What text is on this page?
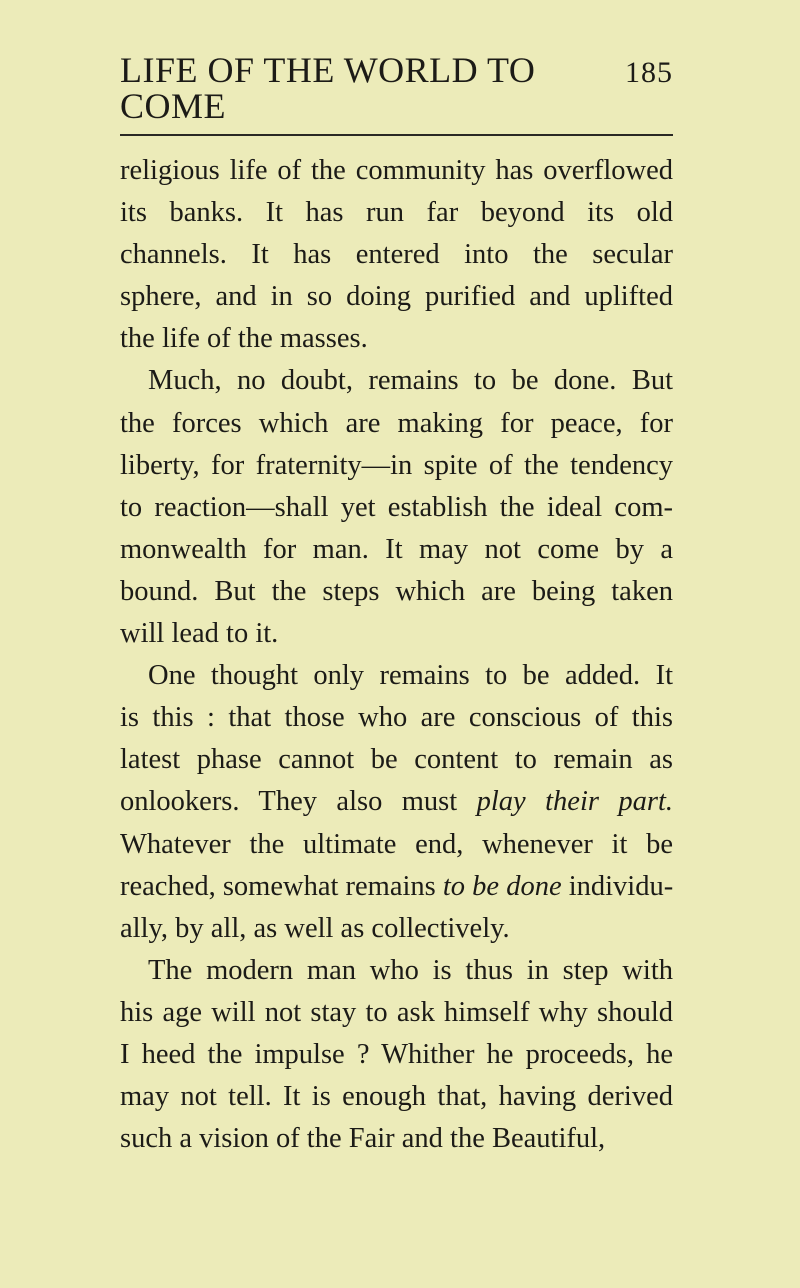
LIFE OF THE WORLD TO COME
185
religious life of the community has overflowed
its banks. It has run far beyond its old
channels. It has entered into the secular
sphere, and in so doing purified and uplifted
the life of the masses.
Much, no doubt, remains to be done. But
the forces which are making for peace, for
liberty, for fraternity—in spite of the tendency
to reaction—shall yet establish the ideal com-
monwealth for man. It may not come by a
bound. But the steps which are being taken
will lead to it.
One thought only remains to be added. It
is this : that those who are conscious of this
latest phase cannot be content to remain as
onlookers. They also must play their part.
Whatever the ultimate end, whenever it be
reached, somewhat remains to be done individu-
ally, by all, as well as collectively.
The modern man who is thus in step with
his age will not stay to ask himself why should
I heed the impulse ? Whither he proceeds, he
may not tell. It is enough that, having derived
such a vision of the Fair and the Beautiful,
